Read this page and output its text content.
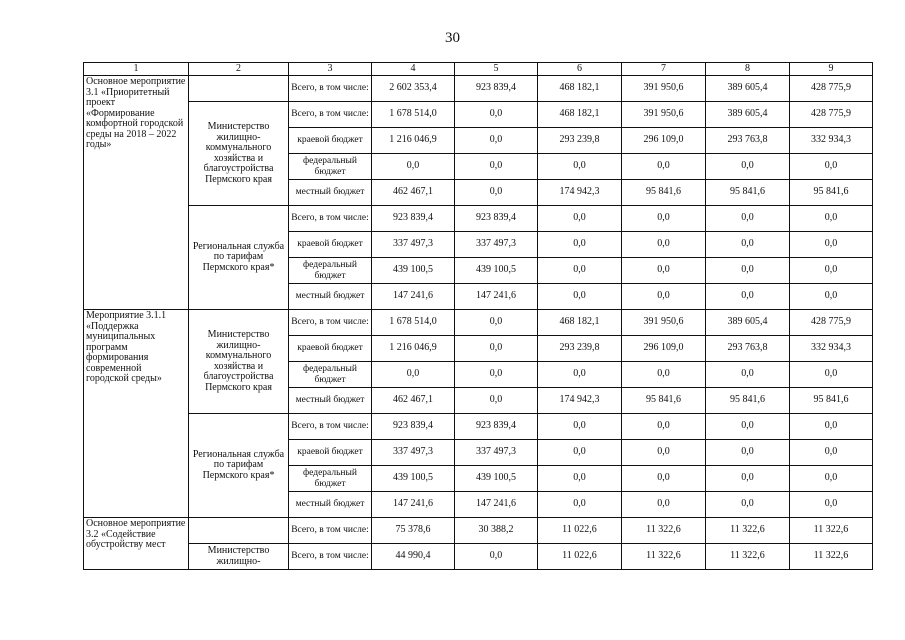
30
1	2	3	4	5	6	7	8	9
Основное мероприятие 3.1 «Приоритетный проект «Формирование комфортной городской среды на 2018 – 2022 годы»		Всего, в том числе:	2 602 353,4	923 839,4	468 182,1	391 950,6	389 605,4	428 775,9
	Министерство жилищно-коммунального хозяйства и благоустройства Пермского края	Всего, в том числе:	1 678 514,0	0,0	468 182,1	391 950,6	389 605,4	428 775,9
		краевой бюджет	1 216 046,9	0,0	293 239,8	296 109,0	293 763,8	332 934,3
		федеральный бюджет	0,0	0,0	0,0	0,0	0,0	0,0
		местный бюджет	462 467,1	0,0	174 942,3	95 841,6	95 841,6	95 841,6
	Региональная служба по тарифам Пермского края*	Всего, в том числе:	923 839,4	923 839,4	0,0	0,0	0,0	0,0
		краевой бюджет	337 497,3	337 497,3	0,0	0,0	0,0	0,0
		федеральный бюджет	439 100,5	439 100,5	0,0	0,0	0,0	0,0
		местный бюджет	147 241,6	147 241,6	0,0	0,0	0,0	0,0
Мероприятие 3.1.1 «Поддержка муниципальных программ формирования современной городской среды»	Министерство жилищно-коммунального хозяйства и благоустройства Пермского края	Всего, в том числе:	1 678 514,0	0,0	468 182,1	391 950,6	389 605,4	428 775,9
		краевой бюджет	1 216 046,9	0,0	293 239,8	296 109,0	293 763,8	332 934,3
		федеральный бюджет	0,0	0,0	0,0	0,0	0,0	0,0
		местный бюджет	462 467,1	0,0	174 942,3	95 841,6	95 841,6	95 841,6
	Региональная служба по тарифам Пермского края*	Всего, в том числе:	923 839,4	923 839,4	0,0	0,0	0,0	0,0
		краевой бюджет	337 497,3	337 497,3	0,0	0,0	0,0	0,0
		федеральный бюджет	439 100,5	439 100,5	0,0	0,0	0,0	0,0
		местный бюджет	147 241,6	147 241,6	0,0	0,0	0,0	0,0
Основное мероприятие 3.2 «Содействие обустройству мест		Всего, в том числе:	75 378,6	30 388,2	11 022,6	11 322,6	11 322,6	11 322,6
	Министерство жилищно-	Всего, в том числе:	44 990,4	0,0	11 022,6	11 322,6	11 322,6	11 322,6
